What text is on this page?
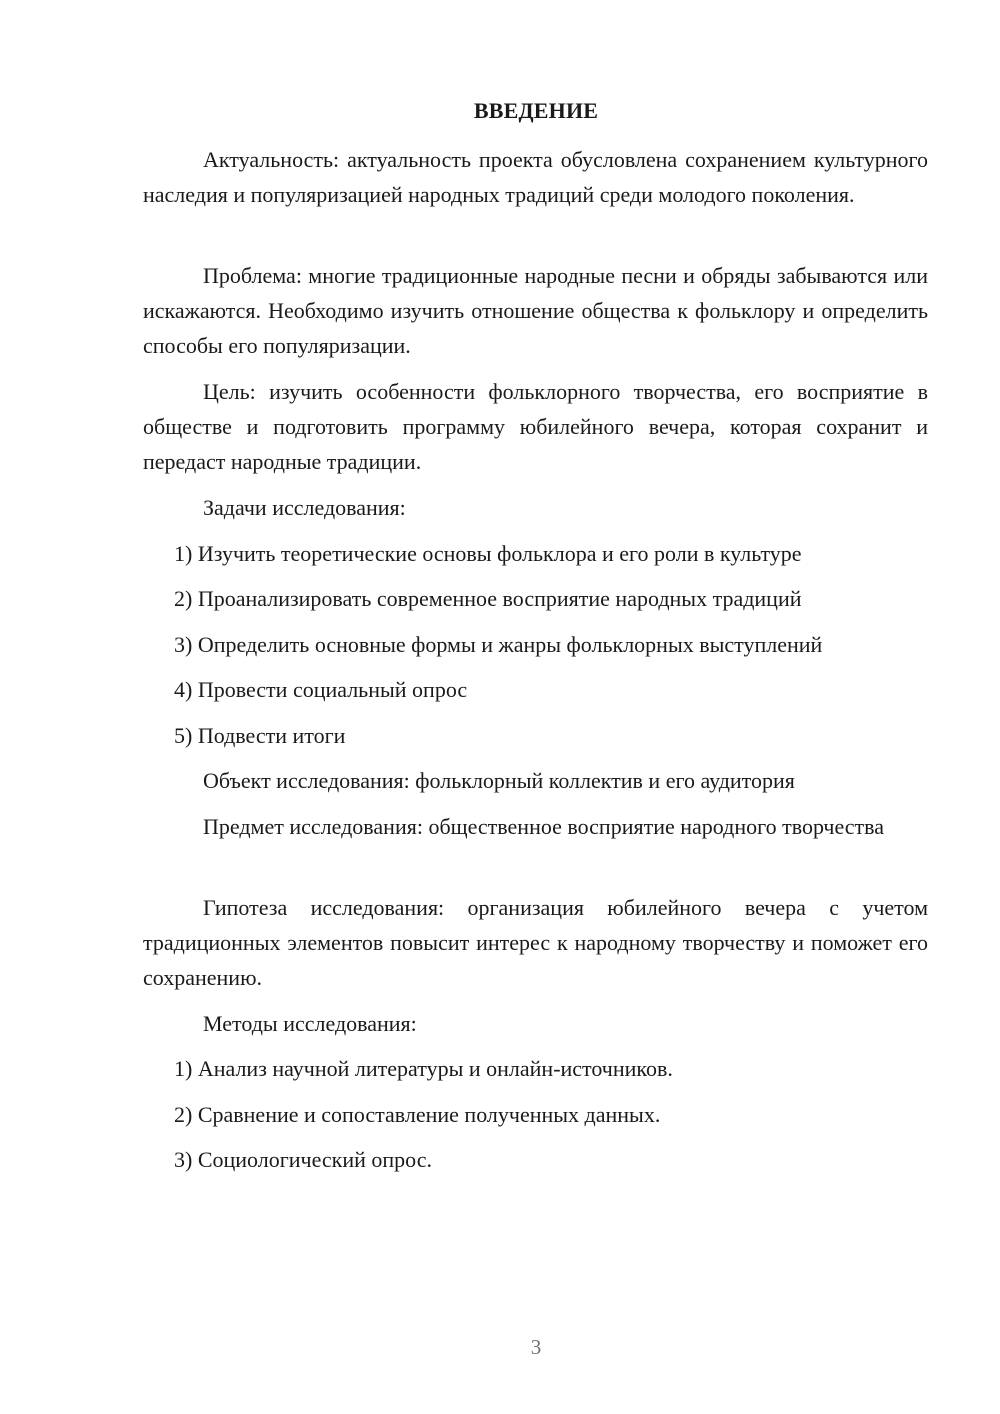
ВВЕДЕНИЕ

Актуальность: актуальность проекта обусловлена сохранением культурного наследия и популяризацией народных традиций среди молодого поколения.

Проблема: многие традиционные народные песни и обряды забываются или искажаются. Необходимо изучить отношение общества к фольклору и определить способы его популяризации.

Цель: изучить особенности фольклорного творчества, его восприятие в обществе и подготовить программу юбилейного вечера, которая сохранит и передаст народные традиции.

Задачи исследования:
1) Изучить теоретические основы фольклора и его роли в культуре
2) Проанализировать современное восприятие народных традиций
3) Определить основные формы и жанры фольклорных выступлений
4) Провести социальный опрос
5) Подвести итоги
Объект исследования: фольклорный коллектив и его аудитория

Предмет исследования: общественное восприятие народного творчества

Гипотеза исследования: организация юбилейного вечера с учетом традиционных элементов повысит интерес к народному творчеству и поможет его сохранению.

Методы исследования:
1) Анализ научной литературы и онлайн-источников.
2) Сравнение и сопоставление полученных данных.
3) Социологический опрос.
3
